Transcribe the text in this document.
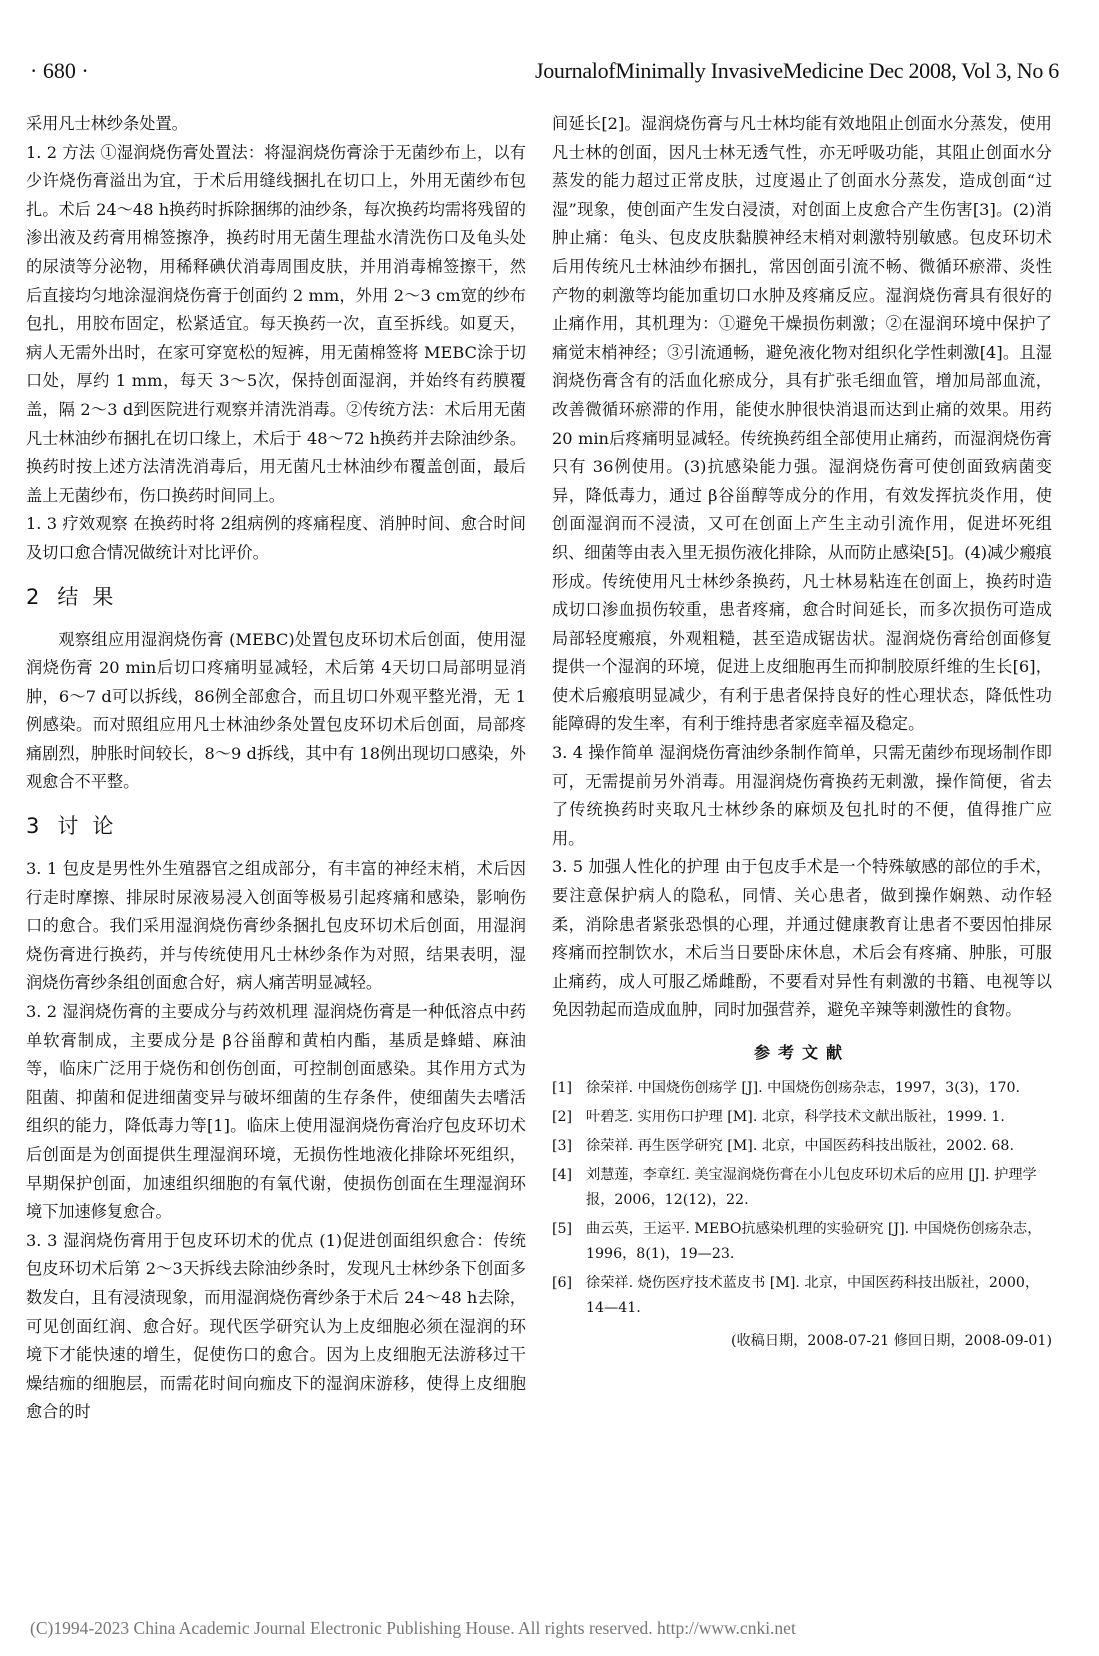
· 680 ·	JournalofMinimally InvasiveMedicine Dec 2008, Vol 3, No 6

采用凡士林纱条处置。

1. 2 方法 ①湿润烧伤膏处置法：将湿润烧伤膏涂于无菌纱布上，以有少许烧伤膏溢出为宜，于术后用缝线捆扎在切口上，外用无菌纱布包扎。术后 24～48 h换药时拆除捆绑的油纱条，每次换药均需将残留的渗出液及药膏用棉签擦净，换药时用无菌生理盐水清洗伤口及龟头处的尿渍等分泌物，用稀释碘伏消毒周围皮肤，并用消毒棉签擦干，然后直接均匀地涂湿润烧伤膏于创面约 2 mm，外用 2～3 cm宽的纱布包扎，用胶布固定，松紧适宜。每天换药一次，直至拆线。如夏天，病人无需外出时，在家可穿宽松的短裤，用无菌棉签将 MEBC涂于切口处，厚约 1 mm，每天 3～5次，保持创面湿润，并始终有药膜覆盖，隔 2～3 d到医院进行观察并清洗消毒。②传统方法：术后用无菌凡士林油纱布捆扎在切口缘上，术后于 48～72 h换药并去除油纱条。换药时按上述方法清洗消毒后，用无菌凡士林油纱布覆盖创面，最后盖上无菌纱布，伤口换药时间同上。

1. 3 疗效观察 在换药时将 2组病例的疼痛程度、消肿时间、愈合时间及切口愈合情况做统计对比评价。

2 结果

观察组应用湿润烧伤膏 (MEBC)处置包皮环切术后创面，使用湿润烧伤膏 20 min后切口疼痛明显减轻，术后第 4天切口局部明显消肿，6～7 d可以拆线，86例全部愈合，而且切口外观平整光滑，无 1例感染。而对照组应用凡士林油纱条处置包皮环切术后创面，局部疼痛剧烈，肿胀时间较长，8～9 d拆线，其中有 18例出现切口感染，外观愈合不平整。

3 讨论

3. 1 包皮是男性外生殖器官之组成部分，有丰富的神经末梢，术后因行走时摩擦、排尿时尿液易浸入创面等极易引起疼痛和感染，影响伤口的愈合。我们采用湿润烧伤膏纱条捆扎包皮环切术后创面，用湿润烧伤膏进行换药，并与传统使用凡士林纱条作为对照，结果表明，湿润烧伤膏纱条组创面愈合好，病人痛苦明显减轻。

3. 2 湿润烧伤膏的主要成分与药效机理 湿润烧伤膏是一种低溶点中药单软膏制成，主要成分是 β谷甾醇和黄柏内酯，基质是蜂蜡、麻油等，临床广泛用于烧伤和创伤创面，可控制创面感染。其作用方式为阻菌、抑菌和促进细菌变异与破坏细菌的生存条件，使细菌失去嗜活组织的能力，降低毒力等[1]。临床上使用湿润烧伤膏治疗包皮环切术后创面是为创面提供生理湿润环境，无损伤性地液化排除坏死组织，早期保护创面，加速组织细胞的有氧代谢，使损伤创面在生理湿润环境下加速修复愈合。

3. 3 湿润烧伤膏用于包皮环切术的优点 (1)促进创面组织愈合：传统包皮环切术后第 2～3天拆线去除油纱条时，发现凡士林纱条下创面多数发白，且有浸渍现象，而用湿润烧伤膏纱条于术后 24～48 h去除，可见创面红润、愈合好。现代医学研究认为上皮细胞必须在湿润的环境下才能快速的增生，促使伤口的愈合。因为上皮细胞无法游移过干燥结痂的细胞层，而需花时间向痂皮下的湿润床游移，使得上皮细胞愈合的时

间延长[2]。湿润烧伤膏与凡士林均能有效地阻止创面水分蒸发，使用凡士林的创面，因凡士林无透气性，亦无呼吸功能，其阻止创面水分蒸发的能力超过正常皮肤，过度遏止了创面水分蒸发，造成创面“过湿”现象，使创面产生发白浸渍，对创面上皮愈合产生伤害[3]。(2)消肿止痛：龟头、包皮皮肤黏膜神经末梢对刺激特别敏感。包皮环切术后用传统凡士林油纱布捆扎，常因创面引流不畅、微循环瘀滞、炎性产物的刺激等均能加重切口水肿及疼痛反应。湿润烧伤膏具有很好的止痛作用，其机理为：①避免干燥损伤刺激；②在湿润环境中保护了痛觉末梢神经；③引流通畅，避免液化物对组织化学性刺激[4]。且湿润烧伤膏含有的活血化瘀成分，具有扩张毛细血管，增加局部血流，改善微循环瘀滞的作用，能使水肿很快消退而达到止痛的效果。用药 20 min后疼痛明显减轻。传统换药组全部使用止痛药，而湿润烧伤膏只有 36例使用。(3)抗感染能力强。湿润烧伤膏可使创面致病菌变异，降低毒力，通过 β谷甾醇等成分的作用，有效发挥抗炎作用，使创面湿润而不浸渍，又可在创面上产生主动引流作用，促进坏死组织、细菌等由表入里无损伤液化排除，从而防止感染[5]。(4)减少瘢痕形成。传统使用凡士林纱条换药，凡士林易粘连在创面上，换药时造成切口渗血损伤较重，患者疼痛，愈合时间延长，而多次损伤可造成局部轻度瘢痕，外观粗糙，甚至造成锯齿状。湿润烧伤膏给创面修复提供一个湿润的环境，促进上皮细胞再生而抑制胶原纤维的生长[6]，使术后瘢痕明显减少，有利于患者保持良好的性心理状态，降低性功能障碍的发生率，有利于维持患者家庭幸福及稳定。

3. 4 操作简单 湿润烧伤膏油纱条制作简单，只需无菌纱布现场制作即可，无需提前另外消毒。用湿润烧伤膏换药无刺激，操作简便，省去了传统换药时夹取凡士林纱条的麻烦及包扎时的不便，值得推广应用。

3. 5 加强人性化的护理 由于包皮手术是一个特殊敏感的部位的手术，要注意保护病人的隐私，同情、关心患者，做到操作娴熟、动作轻柔，消除患者紧张恐惧的心理，并通过健康教育让患者不要因怕排尿疼痛而控制饮水，术后当日要卧床休息，术后会有疼痛、肿胀，可服止痛药，成人可服乙烯雌酚，不要看对异性有刺激的书籍、电视等以免因勃起而造成血肿，同时加强营养，避免辛辣等刺激性的食物。

参考文献
[1] 徐荣祥. 中国烧伤创疡学 [J]. 中国烧伤创疡杂志，1997，3(3)，170.
[2] 叶碧芝. 实用伤口护理 [M]. 北京，科学技术文献出版社，1999. 1.
[3] 徐荣祥. 再生医学研究 [M]. 北京，中国医药科技出版社，2002. 68.
[4] 刘慧莲，李章红. 美宝湿润烧伤膏在小儿包皮环切术后的应用 [J]. 护理学报，2006，12(12)，22.
[5] 曲云英，王运平. MEBO抗感染机理的实验研究 [J]. 中国烧伤创疡杂志，1996，8(1)，19—23.
[6] 徐荣祥. 烧伤医疗技术蓝皮书 [M]. 北京，中国医药科技出版社，2000，14—41.
(收稿日期，2008-07-21 修回日期，2008-09-01)
(C)1994-2023 China Academic Journal Electronic Publishing House. All rights reserved. http://www.cnki.net
